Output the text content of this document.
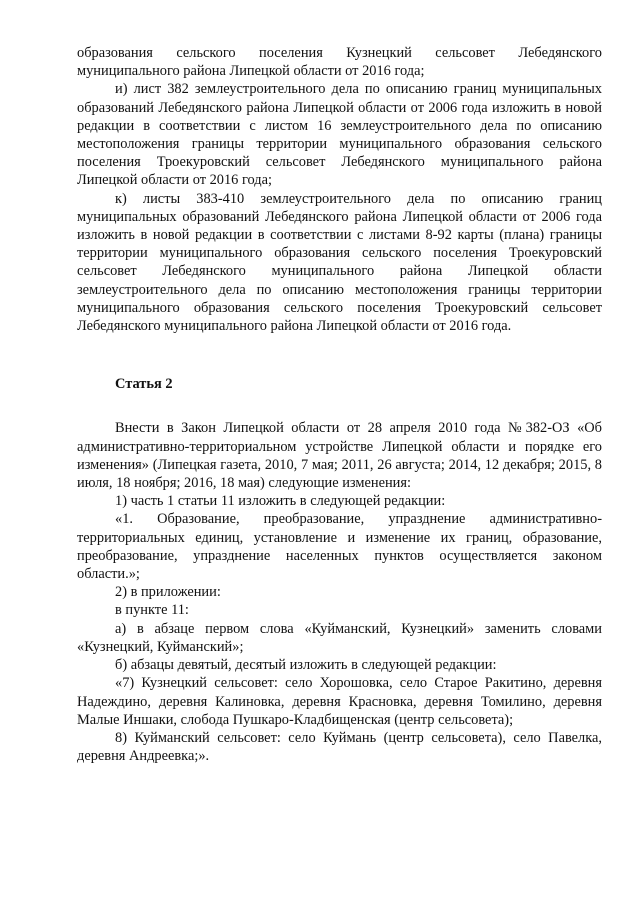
образования сельского поселения Кузнецкий сельсовет Лебедянского муниципального района Липецкой области от 2016 года;

и) лист 382 землеустроительного дела по описанию границ муниципальных образований Лебедянского района Липецкой области от 2006 года изложить в новой редакции в соответствии с листом 16 землеустроительного дела по описанию местоположения границы территории муниципального образования сельского поселения Троекуровский сельсовет Лебедянского муниципального района Липецкой области от 2016 года;

к) листы 383-410 землеустроительного дела по описанию границ муниципальных образований Лебедянского района Липецкой области от 2006 года изложить в новой редакции в соответствии с листами 8-92 карты (плана) границы территории муниципального образования сельского поселения Троекуровский сельсовет Лебедянского муниципального района Липецкой области землеустроительного дела по описанию местоположения границы территории муниципального образования сельского поселения Троекуровский сельсовет Лебедянского муниципального района Липецкой области от 2016 года.

Статья 2

Внести в Закон Липецкой области от 28 апреля 2010 года №382-ОЗ «Об административно-территориальном устройстве Липецкой области и порядке его изменения» (Липецкая газета, 2010, 7 мая; 2011, 26 августа; 2014, 12 декабря; 2015, 8 июля, 18 ноября; 2016, 18 мая) следующие изменения:

1) часть 1 статьи 11 изложить в следующей редакции:

«1. Образование, преобразование, упразднение административно-территориальных единиц, установление и изменение их границ, образование, преобразование, упразднение населенных пунктов осуществляется законом области.»;

2) в приложении:

в пункте 11:

а) в абзаце первом слова «Куйманский, Кузнецкий» заменить словами «Кузнецкий, Куйманский»;

б) абзацы девятый, десятый изложить в следующей редакции:

«7) Кузнецкий сельсовет: село Хорошовка, село Старое Ракитино, деревня Надеждино, деревня Калиновка, деревня Красновка, деревня Томилино, деревня Малые Иншаки, слобода Пушкаро-Кладбищенская (центр сельсовета);

8) Куйманский сельсовет: село Куймань (центр сельсовета), село Павелка, деревня Андреевка;».
